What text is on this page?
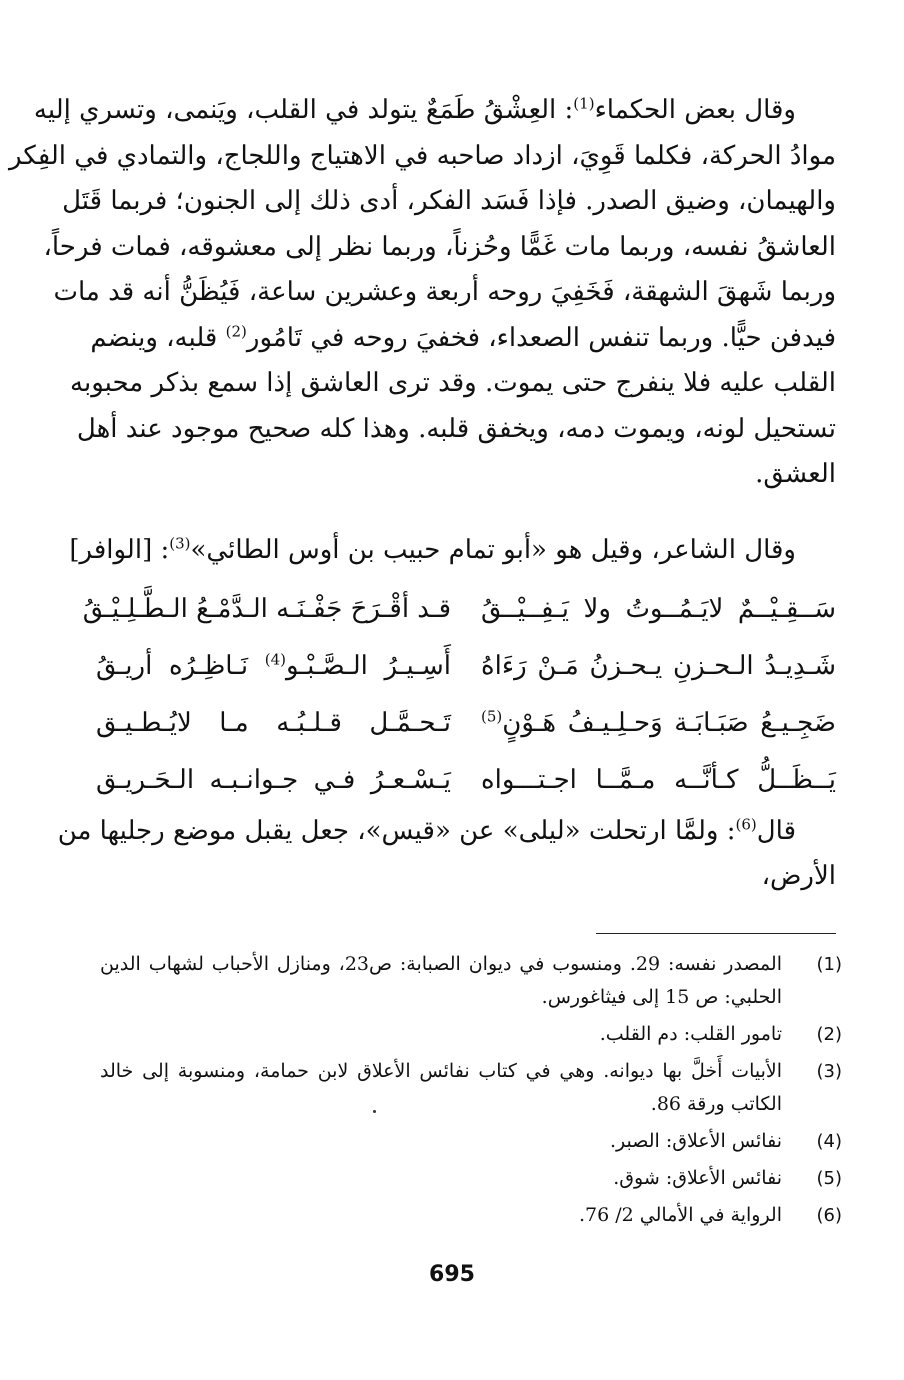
وقال بعض الحكماء$^{(1)}$: العِشْقُ طَمَعٌ يتولد في القلب، ويَنمى، وتسري إليه
موادُ الحركة، فكلما قَوِيَ، ازداد صاحبه في الاهتياج واللجاج، والتمادي في الفِكر
والهيمان، وضيق الصدر. فإذا فَسَد الفكر، أدى ذلك إلى الجنون؛ فربما قَتَل
العاشقُ نفسه، وربما مات غَمًّا وحُزناً، وربما نظر إلى معشوقه، فمات فرحاً،
وربما شَهقَ الشهقة، فَخَفِيَ روحه أربعة وعشرين ساعة، فَيُظَنُّ أنه قد مات
فيدفن حيًّا. وربما تنفس الصعداء، فخفيَ روحه في تَامُور$^{(2)}$ قلبه، وينضم
القلب عليه فلا ينفرج حتى يموت. وقد ترى العاشق إذا سمع بذكر محبوبه
تستحيل لونه، ويموت دمه، ويخفق قلبه. وهذا كله صحيح موجود عند أهل
العشق.

وقال الشاعر، وقيل هو «أبو تمام حبيب بن أوس الطائي»$^{(3)}$: [الوافر]

سَــقِـيْــمٌ لايَـمُــوتُ ولا يَـفِــيْــقُ
قـد أقْـرَحَ جَفْـنَـه الـدَّمْـعُ الـطَّـلِـيْـقُ
شَـدِيـدُ الـحـزنِ يـحـزنُ مَـنْ رَءَاهُ
أَسِـيـرُ الـصَّـبْـو$^{(4)}$ نَـاظِـرُه أريـقُ
ضَجِـيـعُ صَبَـابَـة وَحـلِـيـفُ هَـوْنٍ$^{(5)}$
تَـحـمَّـل قـلـبُـه مـا لايُـطـيـق
يَــظَــلُّ كـأنَّــه مـمَّــا اجـتـــواه
يَـسْـعـرُ فـي جـوانـبـه الـحَـريـق

قال$^{(6)}$: ولمَّا ارتحلت «ليلى» عن «قيس»، جعل يقبل موضع رجليها من
الأرض،

(1)
المصدر نفسه: 29. ومنسوب في ديوان الصبابة: ص23، ومنازل الأحباب لشهاب الدين
الحلبي: ص 15 إلى فيثاغورس.
(2)
تامور القلب: دم القلب.
(3)
الأبيات أَخلَّ بها ديوانه. وهي في كتاب نفائس الأعلاق لابن حمامة، ومنسوبة إلى خالد
الكاتب ورقة 86.
(4)
نفائس الأعلاق: الصبر.
(5)
نفائس الأعلاق: شوق.
(6)
الرواية في الأمالي 2/ 76.
695
